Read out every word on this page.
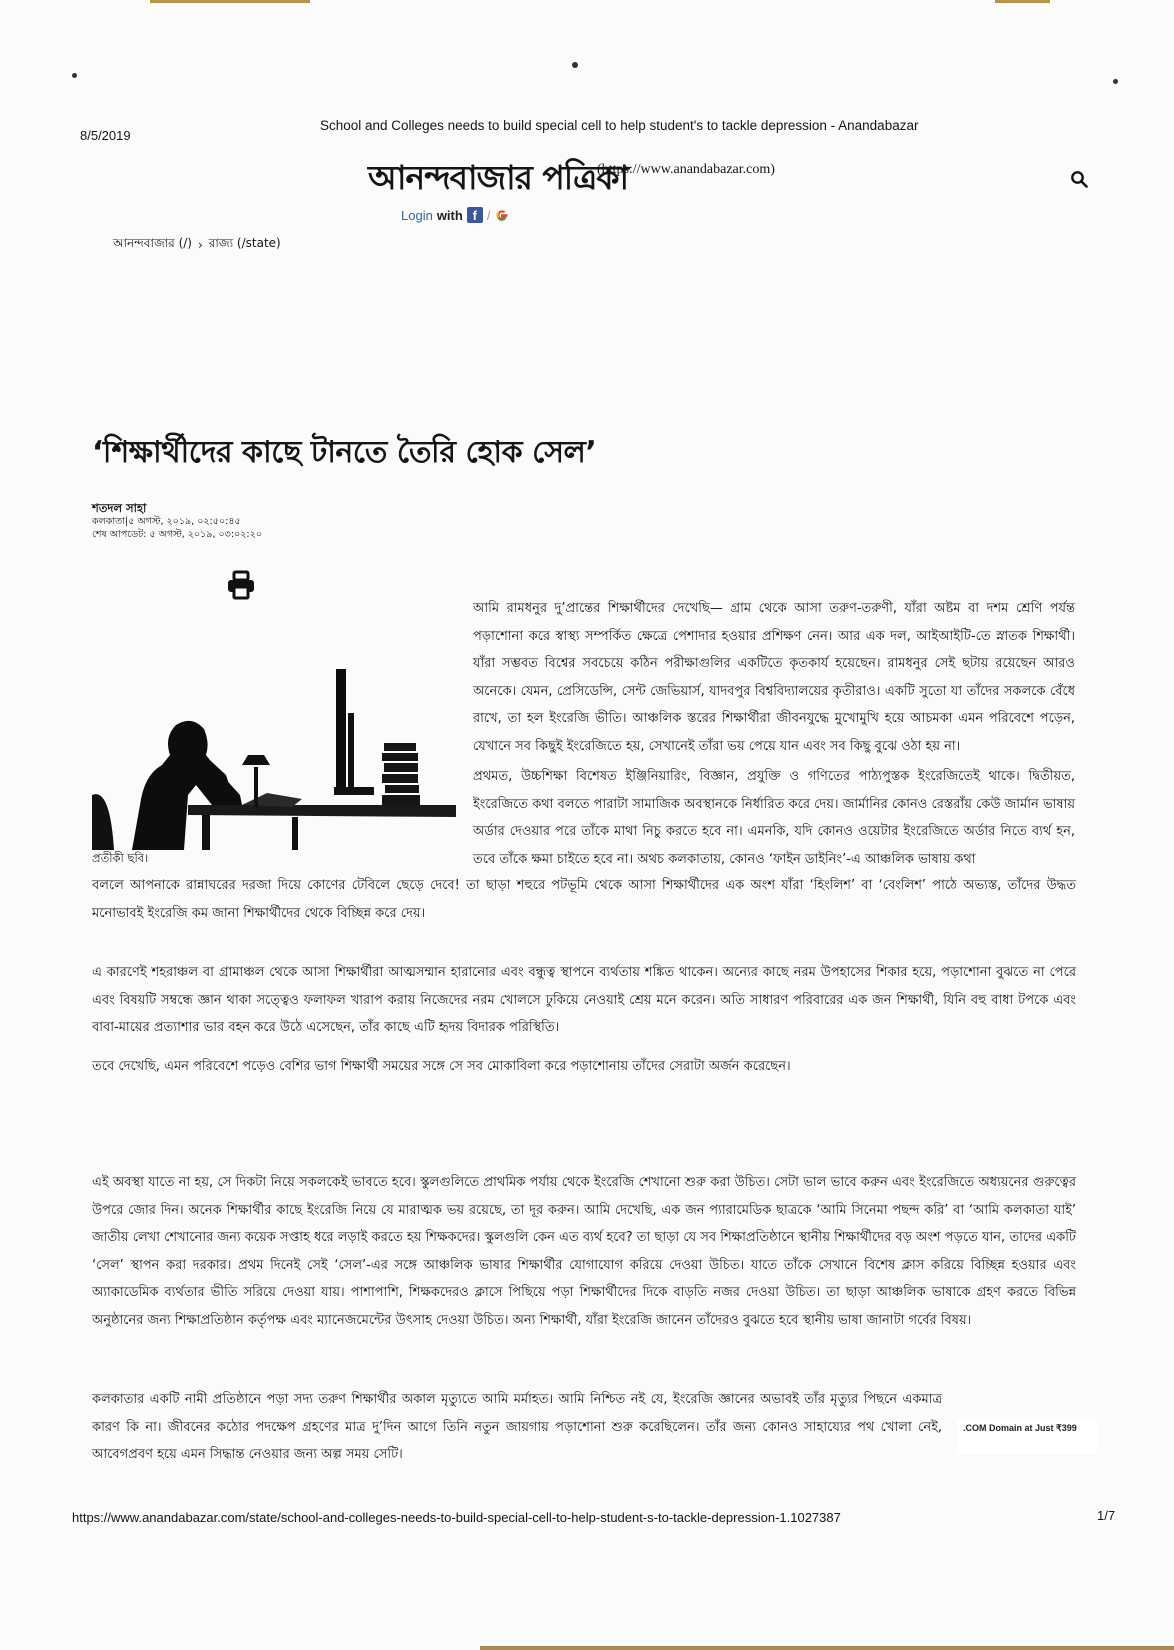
8/5/2019
School and Colleges needs to build special cell to help student's to tackle depression - Anandabazar
আনন্দবাজার পত্রিকা
(https://www.anandabazar.com)
Login with f /
আনন্দবাজার (/) › রাজ্য (/state)
‘শিক্ষার্থীদের কাছে টানতে তৈরি হোক সেল’
শতদল সাহা
কলকাতা|৫ অগস্ট, ২০১৯, ০২:৫০:৪৫
শেষ আপডেট: ৫ অগস্ট, ২০১৯, ০৩:০২:২০
প্রতীকী ছবি।

আমি রামধনুর দু’প্রান্তের শিক্ষার্থীদের দেখেছি— গ্রাম থেকে আসা তরুণ-তরুণী, যাঁরা অষ্টম বা দশম শ্রেণি পর্যন্ত পড়াশোনা করে স্বাস্থ্য সম্পর্কিত ক্ষেত্রে পেশাদার হওয়ার প্রশিক্ষণ নেন। আর এক দল, আইআইটি-তে স্নাতক শিক্ষার্থী। যাঁরা সম্ভবত বিশ্বের সবচেয়ে কঠিন পরীক্ষাগুলির একটিতে কৃতকার্য হয়েছেন। রামধনুর সেই ছটায় রয়েছেন আরও অনেকে। যেমন, প্রেসিডেন্সি, সেন্ট জেভিয়ার্স, যাদবপুর বিশ্ববিদ্যালয়ের কৃতীরাও। একটি সুতো যা তাঁদের সকলকে বেঁধে রাখে, তা হল ইংরেজি ভীতি। আঞ্চলিক স্তরের শিক্ষার্থীরা জীবনযুদ্ধে মুখোমুখি হয়ে আচমকা এমন পরিবেশে পড়েন, যেখানে সব কিছুই ইংরেজিতে হয়, সেখানেই তাঁরা ভয় পেয়ে যান এবং সব কিছু বুঝে ওঠা হয় না।

প্রথমত, উচ্চশিক্ষা বিশেষত ইঞ্জিনিয়ারিং, বিজ্ঞান, প্রযুক্তি ও গণিতের পাঠ্যপুস্তক ইংরেজিতেই থাকে। দ্বিতীয়ত, ইংরেজিতে কথা বলতে পারাটা সামাজিক অবস্থানকে নির্ধারিত করে দেয়। জার্মানির কোনও রেস্তরাঁয় কেউ জার্মান ভাষায় অর্ডার দেওয়ার পরে তাঁকে মাথা নিচু করতে হবে না। এমনকি, যদি কোনও ওয়েটার ইংরেজিতে অর্ডার নিতে ব্যর্থ হন, তবে তাঁকে ক্ষমা চাইতে হবে না। অথচ কলকাতায়, কোনও ‘ফাইন ডাইনিং’-এ আঞ্চলিক ভাষায় কথা

বললে আপনাকে রান্নাঘরের দরজা দিয়ে কোণের টেবিলে ছেড়ে দেবে! তা ছাড়া শহুরে পটভূমি থেকে আসা শিক্ষার্থীদের এক অংশ যাঁরা ‘হিংলিশ’ বা ‘বেংলিশ’ পাঠে অভ্যস্ত, তাঁদের উদ্ধত মনোভাবই ইংরেজি কম জানা শিক্ষার্থীদের থেকে বিচ্ছিন্ন করে দেয়।

এ কারণেই শহরাঞ্চল বা গ্রামাঞ্চল থেকে আসা শিক্ষার্থীরা আত্মসম্মান হারানোর এবং বন্ধুত্ব স্থাপনে ব্যর্থতায় শঙ্কিত থাকেন। অন্যের কাছে নরম উপহাসের শিকার হয়ে, পড়াশোনা বুঝতে না পেরে এবং বিষয়টি সম্বন্ধে জ্ঞান থাকা সত্ত্বেও ফলাফল খারাপ করায় নিজেদের নরম খোলসে ঢুকিয়ে নেওয়াই শ্রেয় মনে করেন। অতি সাধারণ পরিবারের এক জন শিক্ষার্থী, যিনি বহু বাধা টপকে এবং বাবা-মায়ের প্রত্যাশার ভার বহন করে উঠে এসেছেন, তাঁর কাছে এটি হৃদয় বিদারক পরিস্থিতি।

তবে দেখেছি, এমন পরিবেশে পড়েও বেশির ভাগ শিক্ষার্থী সময়ের সঙ্গে সে সব মোকাবিলা করে পড়াশোনায় তাঁদের সেরাটা অর্জন করেছেন।

এই অবস্থা যাতে না হয়, সে দিকটা নিয়ে সকলকেই ভাবতে হবে। স্কুলগুলিতে প্রাথমিক পর্যায় থেকে ইংরেজি শেখানো শুরু করা উচিত। সেটা ভাল ভাবে করুন এবং ইংরেজিতে অধ্যয়নের গুরুত্বের উপরে জোর দিন। অনেক শিক্ষার্থীর কাছে ইংরেজি নিয়ে যে মারাত্মক ভয় রয়েছে, তা দূর করুন। আমি দেখেছি, এক জন প্যারামেডিক ছাত্রকে ‘আমি সিনেমা পছন্দ করি’ বা ‘আমি কলকাতা যাই’ জাতীয় লেখা শেখানোর জন্য কয়েক সপ্তাহ ধরে লড়াই করতে হয় শিক্ষকদের। স্কুলগুলি কেন এত ব্যর্থ হবে? তা ছাড়া যে সব শিক্ষাপ্রতিষ্ঠানে স্থানীয় শিক্ষার্থীদের বড় অংশ পড়তে যান, তাদের একটি ‘সেল’ স্থাপন করা দরকার। প্রথম দিনেই সেই ‘সেল’-এর সঙ্গে আঞ্চলিক ভাষার শিক্ষার্থীর যোগাযোগ করিয়ে দেওয়া উচিত। যাতে তাঁকে সেখানে বিশেষ ক্লাস করিয়ে বিচ্ছিন্ন হওয়ার এবং অ্যাকাডেমিক ব্যর্থতার ভীতি সরিয়ে দেওয়া যায়। পাশাপাশি, শিক্ষকদেরও ক্লাসে পিছিয়ে পড়া শিক্ষার্থীদের দিকে বাড়তি নজর দেওয়া উচিত। তা ছাড়া আঞ্চলিক ভাষাকে গ্রহণ করতে বিভিন্ন অনুষ্ঠানের জন্য শিক্ষাপ্রতিষ্ঠান কর্তৃপক্ষ এবং ম্যানেজমেন্টের উৎসাহ দেওয়া উচিত। অন্য শিক্ষার্থী, যাঁরা ইংরেজি জানেন তাঁদেরও বুঝতে হবে স্থানীয় ভাষা জানাটা গর্বের বিষয়।

কলকাতার একটি নামী প্রতিষ্ঠানে পড়া সদ্য তরুণ শিক্ষার্থীর অকাল মৃত্যুতে আমি মর্মাহত। আমি নিশ্চিত নই যে, ইংরেজি জ্ঞানের অভাবই তাঁর মৃত্যুর পিছনে একমাত্র কারণ কি না। জীবনের কঠোর পদক্ষেপ গ্রহণের মাত্র দু’দিন আগে তিনি নতুন জায়গায় পড়াশোনা শুরু করেছিলেন। তাঁর জন্য কোনও সাহায্যের পথ খোলা নেই, আবেগপ্রবণ হয়ে এমন সিদ্ধান্ত নেওয়ার জন্য অল্প সময় সেটি।

.COM Domain at Just ₹399

https://www.anandabazar.com/state/school-and-colleges-needs-to-build-special-cell-to-help-student-s-to-tackle-depression-1.1027387	1/7
